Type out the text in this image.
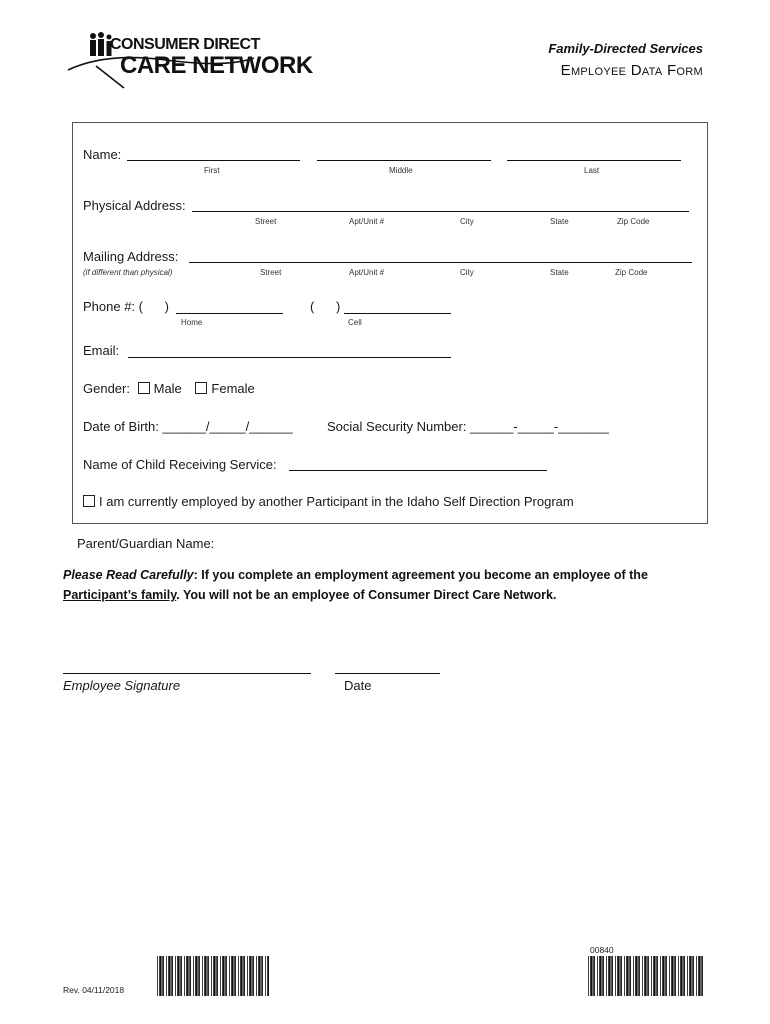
CONSUMER DIRECT
CARE NETWORK
Family-Directed Services
Employee Data Form
Name:
First	Middle	Last
Physical Address:
Street	Apt/Unit #	City	State	Zip Code
Mailing Address:
(if different than physical)	Street	Apt/Unit #	City	State	Zip Code
Phone #: (      )	(      )
Home	Cell
Email:
Gender: Male Female
Date of Birth: ______/_____/______	Social Security Number: ______-_____-_______
Name of Child Receiving Service:
I am currently employed by another Participant in the Idaho Self Direction Program
Parent/Guardian Name:
Please Read Carefully: If you complete an employment agreement you become an employee of the
Participant’s family. You will not be an employee of Consumer Direct Care Network.
Employee Signature	Date
Rev. 04/11/2018
00840
